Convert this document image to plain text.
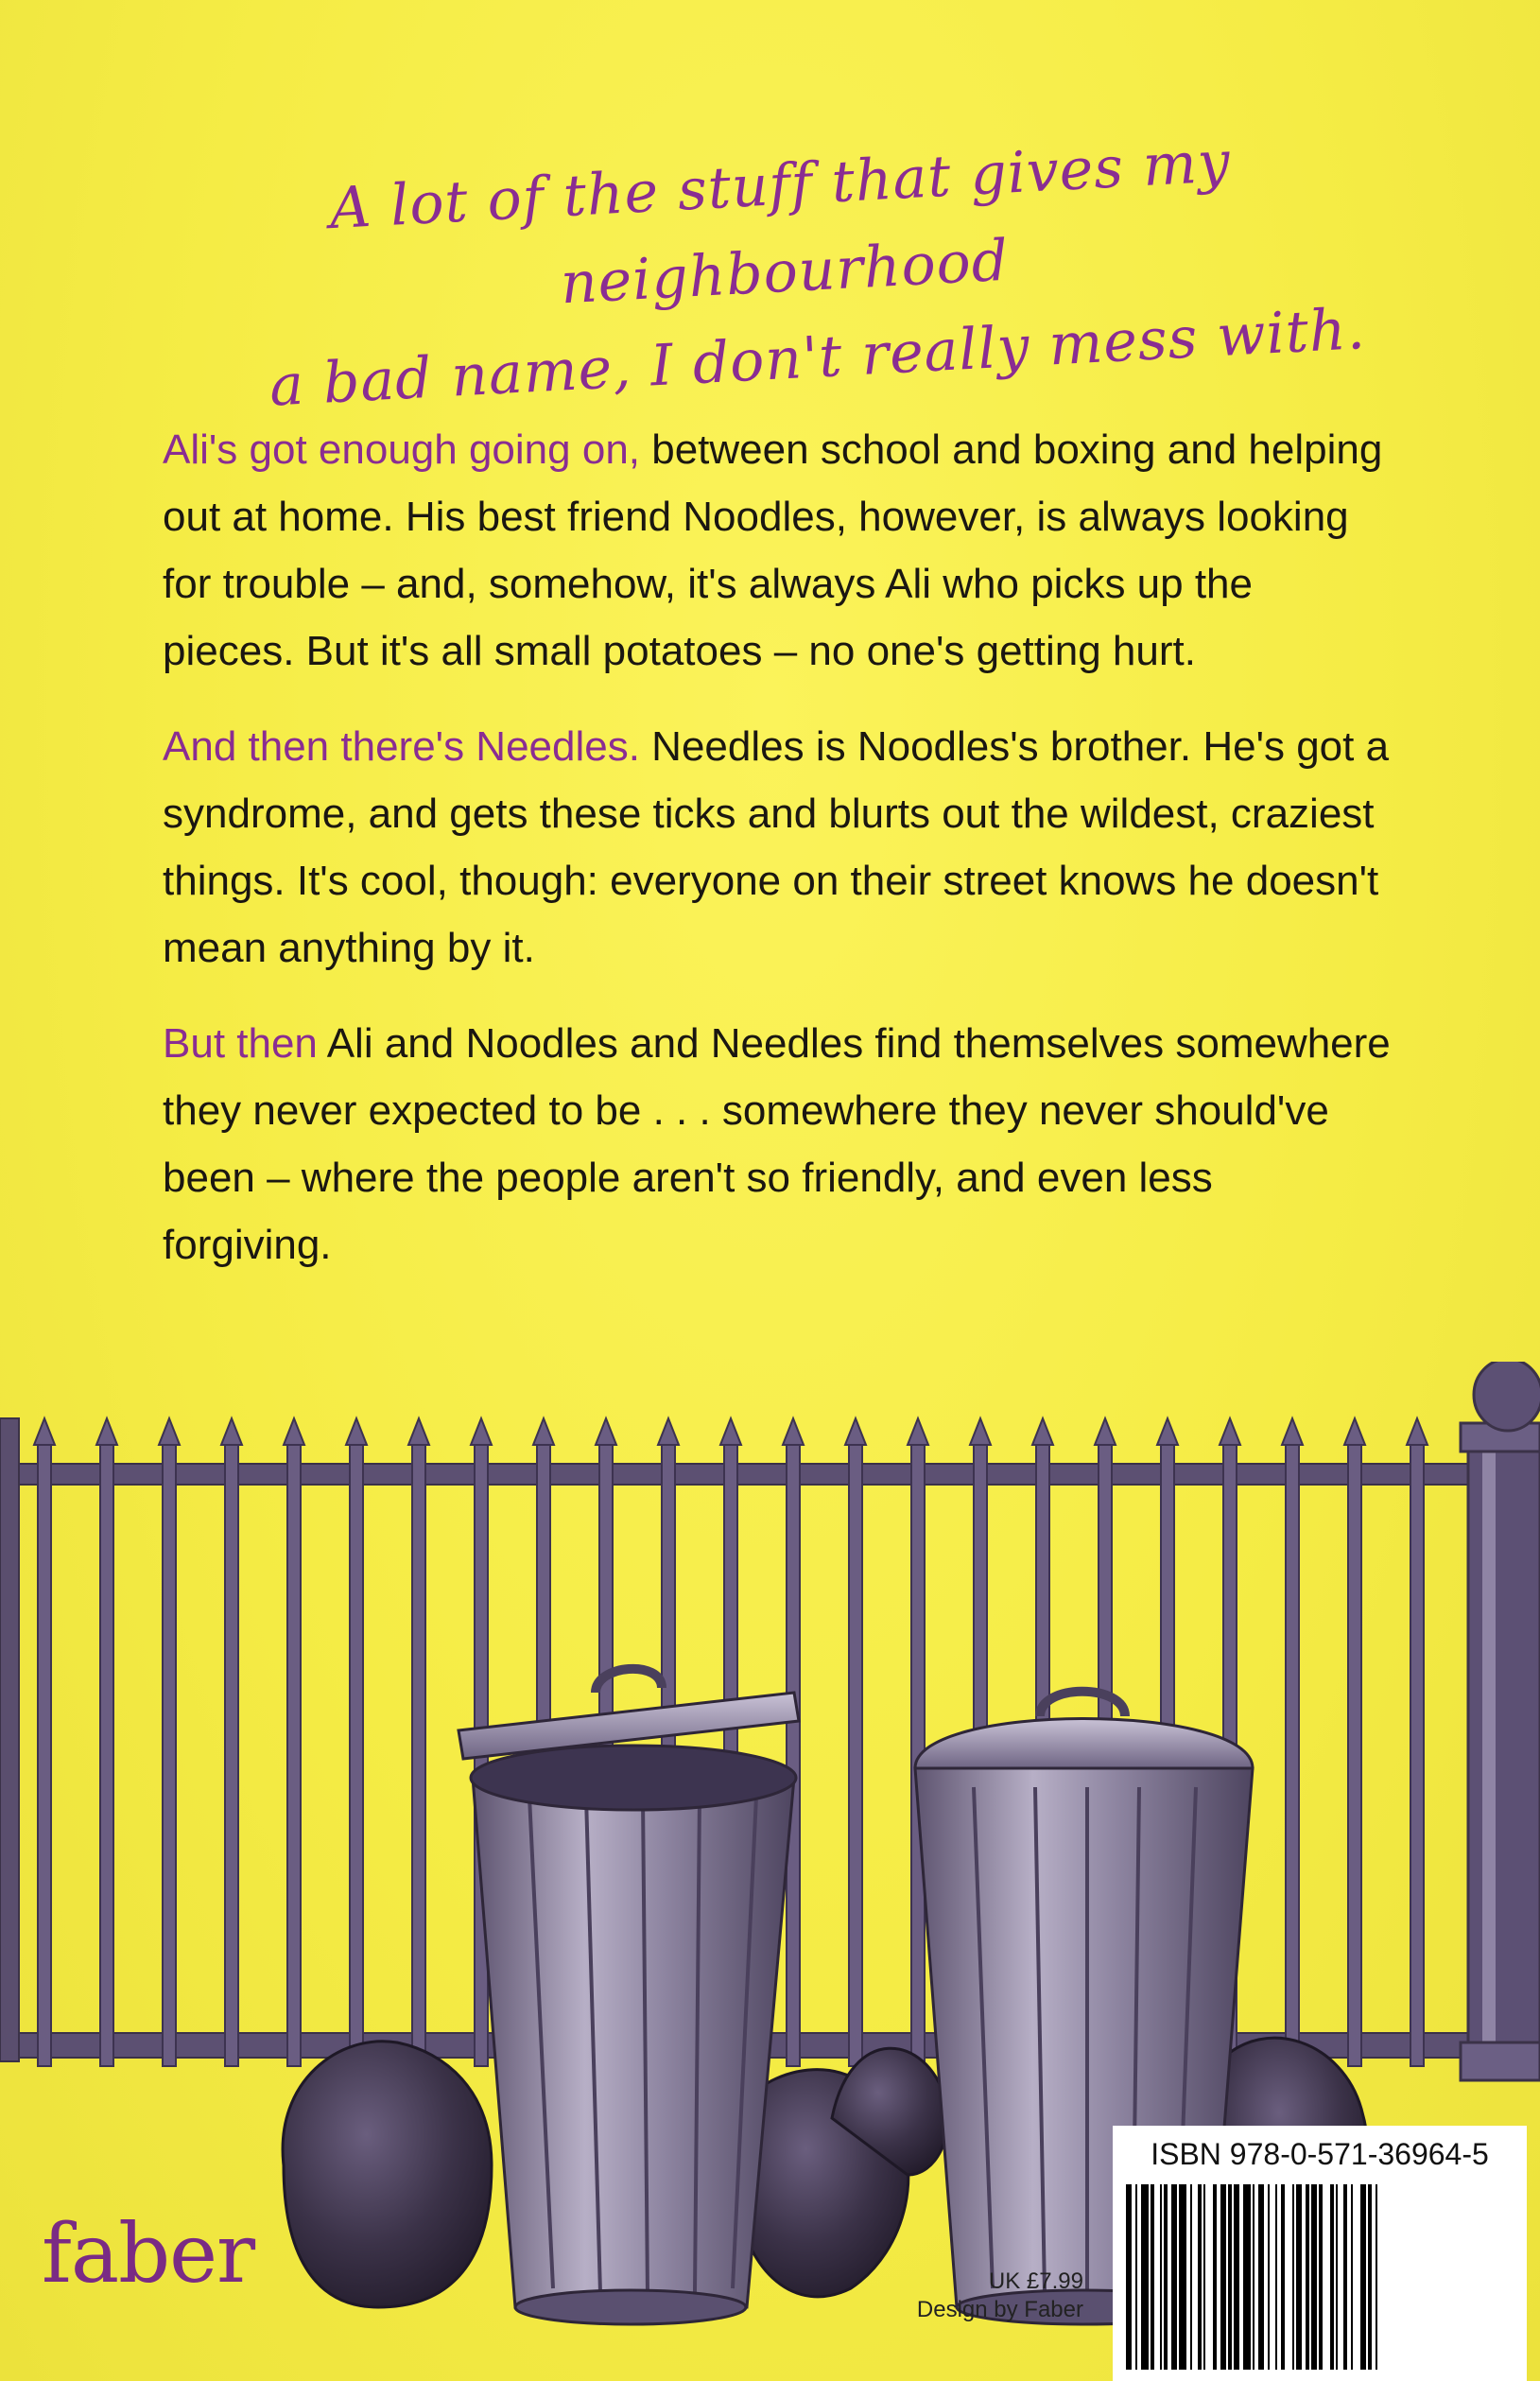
A lot of the stuff that gives my neighbourhood
a bad name, I don't really mess with.

Ali's got enough going on, between school and boxing and helping out at home. His best friend Noodles, however, is always looking for trouble – and, somehow, it's always Ali who picks up the pieces. But it's all small potatoes – no one's getting hurt.

And then there's Needles. Needles is Noodles's brother. He's got a syndrome, and gets these ticks and blurts out the wildest, craziest things. It's cool, though: everyone on their street knows he doesn't mean anything by it.

But then Ali and Noodles and Needles find themselves somewhere they never expected to be . . . somewhere they never should've been – where the people aren't so friendly, and even less forgiving.

faber	UK £7.99
Design by Faber
ISBN 978-0-571-36964-5
